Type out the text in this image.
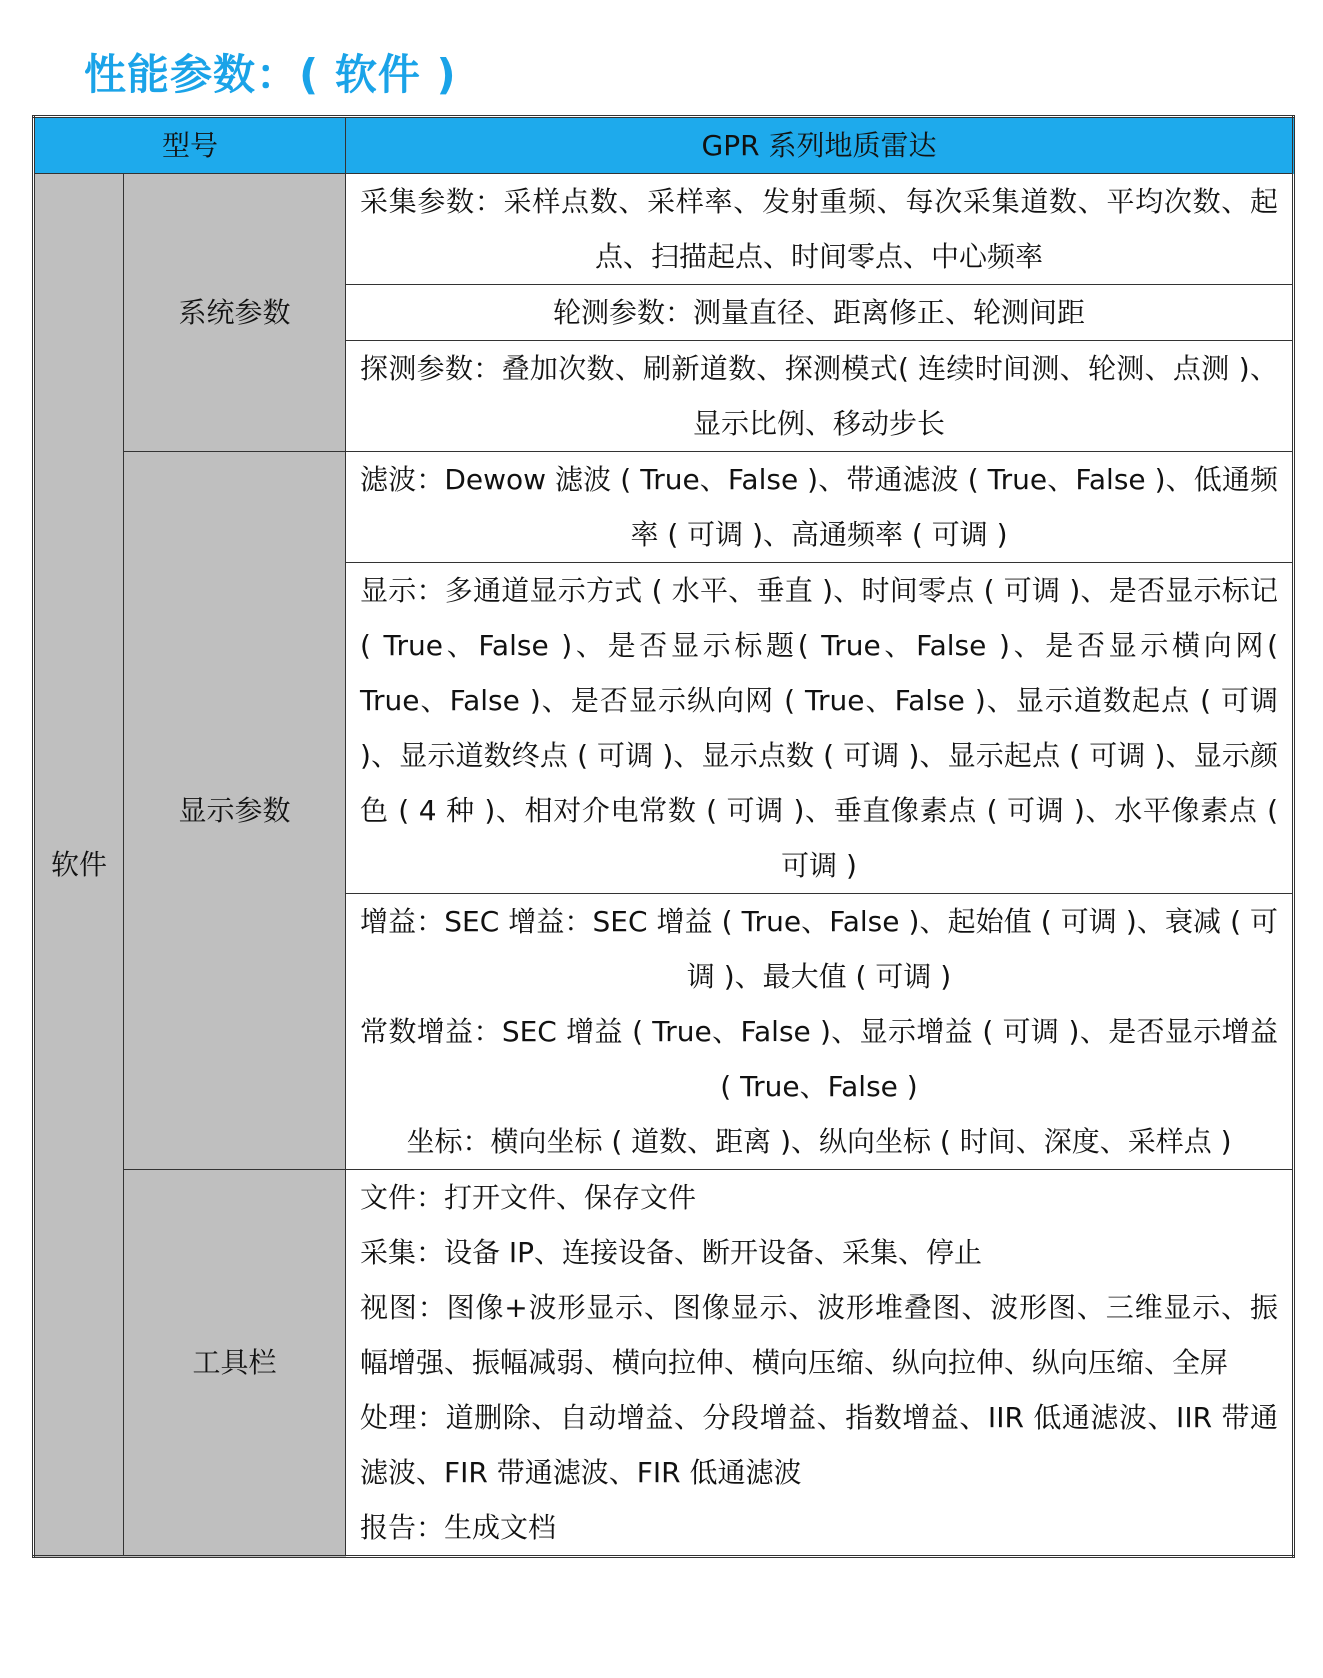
性能参数：( 软件 )
型号		GPR 系列地质雷达
软件	系统参数	采集参数：采样点数、采样率、发射重频、每次采集道数、平均次数、起点、扫描起点、时间零点、中心频率
		轮测参数：测量直径、距离修正、轮测间距
		探测参数：叠加次数、刷新道数、探测模式( 连续时间测、轮测、点测 )、显示比例、移动步长
	显示参数	滤波：Dewow 滤波 ( True、False )、带通滤波 ( True、False )、低通频率 ( 可调 )、高通频率 ( 可调 )
		显示：多通道显示方式 ( 水平、垂直 )、时间零点 ( 可调 )、是否显示标记( True、False )、是否显示标题( True、False )、是否显示横向网( True、False )、是否显示纵向网 ( True、False )、显示道数起点 ( 可调 )、显示道数终点 ( 可调 )、显示点数 ( 可调 )、显示起点 ( 可调 )、显示颜色 ( 4 种 )、相对介电常数 ( 可调 )、垂直像素点 ( 可调 )、水平像素点 ( 可调 )

		增益：SEC 增益：SEC 增益 ( True、False )、起始值 ( 可调 )、衰减 ( 可调 )、最大值 ( 可调 )
常数增益：SEC 增益 ( True、False )、显示增益 ( 可调 )、是否显示增益 ( True、False )
坐标：横向坐标 ( 道数、距离 )、纵向坐标 ( 时间、深度、采样点 )

	工具栏	文件：打开文件、保存文件
采集：设备 IP、连接设备、断开设备、采集、停止
视图：图像+波形显示、图像显示、波形堆叠图、波形图、三维显示、振幅增强、振幅减弱、横向拉伸、横向压缩、纵向拉伸、纵向压缩、全屏
处理：道删除、自动增益、分段增益、指数增益、IIR 低通滤波、IIR 带通滤波、FIR 带通滤波、FIR 低通滤波
报告：生成文档
